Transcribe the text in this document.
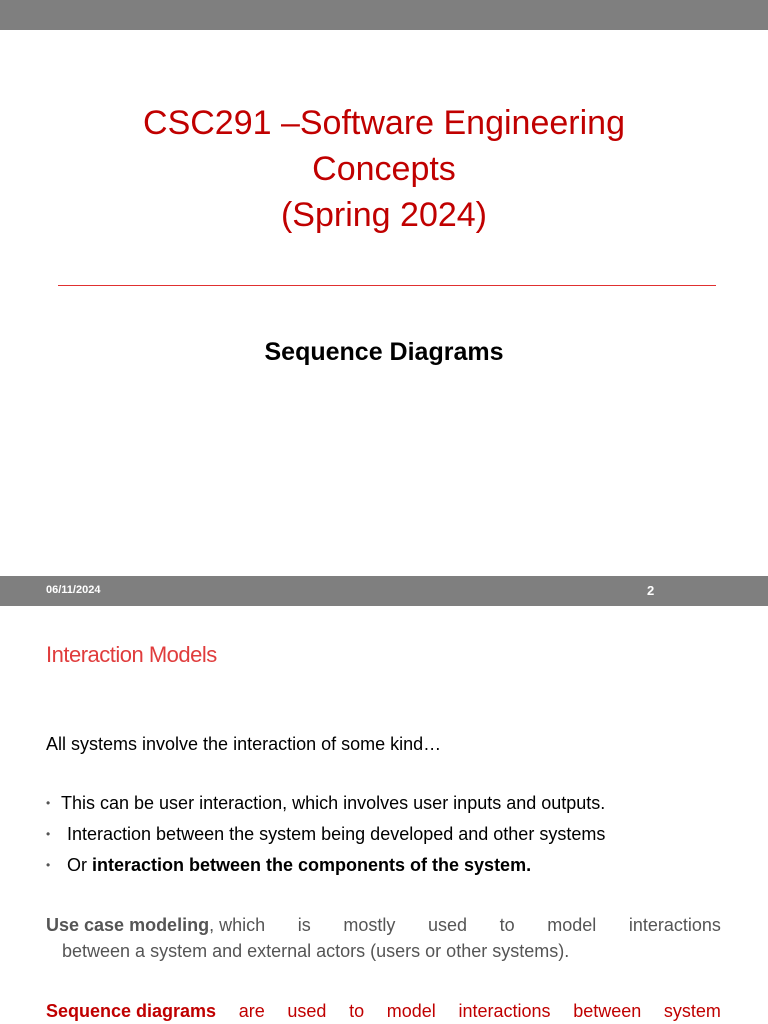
CSC291 –Software Engineering
Concepts
(Spring 2024)
Sequence Diagrams
06/11/2024	2
Interaction Models
All systems involve the interaction of some kind…
• This can be user interaction, which involves user inputs and outputs.
• Interaction between the system being developed and other systems
• Or interaction between the components of the system.
Use case modeling, which is mostly used to model interactions
between a system and external actors (users or other systems).
Sequence diagrams are used to model interactions between system
